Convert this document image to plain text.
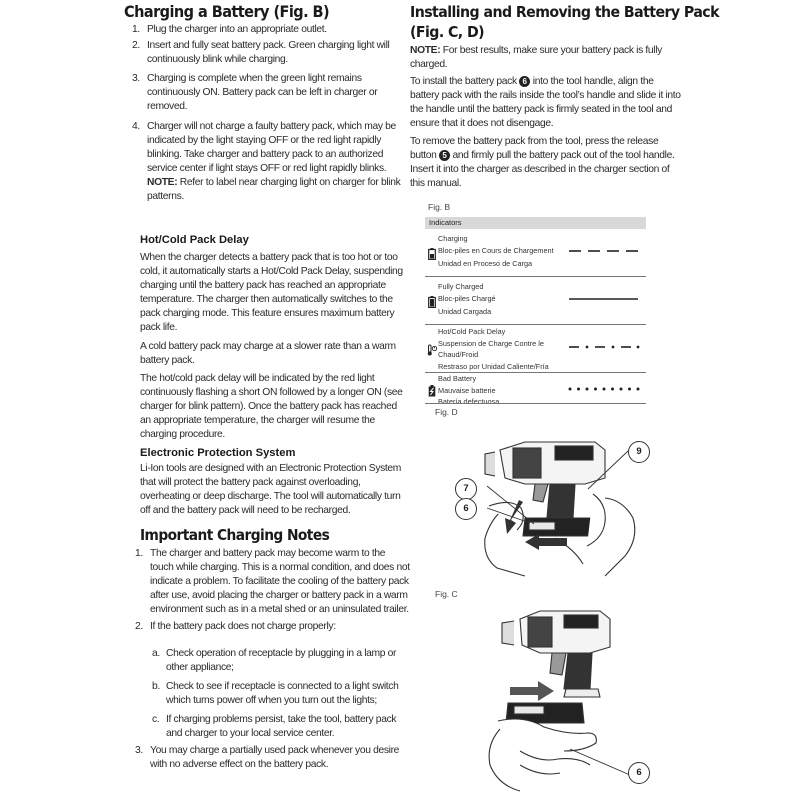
Charging a Battery (Fig. B)
1. Plug the charger into an appropriate outlet.
2. Insert and fully seat battery pack. Green charging light will continuously blink while charging.
3. Charging is complete when the green light remains continuously ON. Battery pack can be left in charger or removed.
4. Charger will not charge a faulty battery pack, which may be indicated by the light staying OFF or the red light rapidly blinking. Take charger and battery pack to an authorized service center if light stays OFF or red light rapidly blinks.
NOTE: Refer to label near charging light on charger for blink patterns.
Hot/Cold Pack Delay

When the charger detects a battery pack that is too hot or too cold, it automatically starts a Hot/Cold Pack Delay, suspending charging until the battery pack has reached an appropriate temperature. The charger then automatically switches to the pack charging mode. This feature ensures maximum battery pack life.

A cold battery pack may charge at a slower rate than a warm battery pack.

The hot/cold pack delay will be indicated by the red light continuously flashing a short ON followed by a longer ON (see charger for blink pattern). Once the battery pack has reached an appropriate temperature, the charger will resume the charging procedure.

Electronic Protection System
Li-Ion tools are designed with an Electronic Protection System that will protect the battery pack against overloading, overheating or deep discharge. The tool will automatically turn off and the battery pack will need to be recharged.
Important Charging Notes
1. The charger and battery pack may become warm to the touch while charging. This is a normal condition, and does not indicate a problem. To facilitate the cooling of the battery pack after use, avoid placing the charger or battery pack in a warm environment such as in a metal shed or an uninsulated trailer.
2. If the battery pack does not charge properly:
a. Check operation of receptacle by plugging in a lamp or other appliance;
b. Check to see if receptacle is connected to a light switch which turns power off when you turn out the lights;
c. If charging problems persist, take the tool, battery pack and charger to your local service center.
3. You may charge a partially used pack whenever you desire with no adverse effect on the battery pack.
Installing and Removing the Battery Pack
(Fig. C, D)

NOTE: For best results, make sure your battery pack is fully charged.

To install the battery pack 6 into the tool handle, align the battery pack with the rails inside the tool’s handle and slide it into the handle until the battery pack is firmly seated in the tool and ensure that it does not disengage.

To remove the battery pack from the tool, press the release button 5 and firmly pull the battery pack out of the tool handle. Insert it into the charger as described in the charger section of this manual.

Fig. B
Indicators
Charging
Bloc-piles en Cours de Chargement
Unidad en Proceso de Carga
Fully Charged
Bloc-piles Chargé
Unidad Cargada
Hot/Cold Pack Delay
Suspension de Charge Contre le Chaud/Froid
Restraso por Unidad Caliente/Fría
Bad Battery
Mauvaise batterie
Batería defectuosa
Fig. D
9
7
6
Fig. C
6
